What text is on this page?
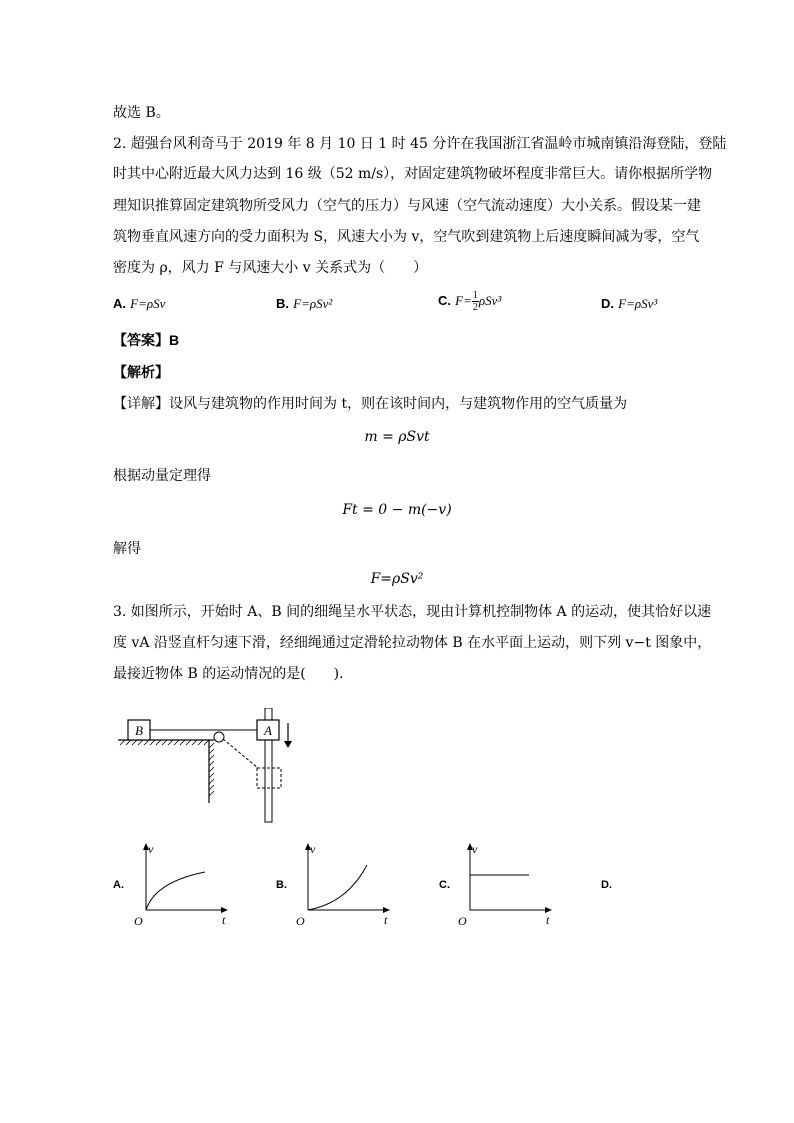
故选 B。
2. 超强台风利奇马于 2019 年 8 月 10 日 1 时 45 分许在我国浙江省温岭市城南镇沿海登陆，登陆
时其中心附近最大风力达到 16 级（52 m/s），对固定建筑物破坏程度非常巨大。请你根据所学物
理知识推算固定建筑物所受风力（空气的压力）与风速（空气流动速度）大小关系。假设某一建
筑物垂直风速方向的受力面积为 S，风速大小为 v，空气吹到建筑物上后速度瞬间减为零，空气
密度为 ρ，风力 F 与风速大小 v 关系式为（　　）
A. F=ρSv	B. F=ρSv²	C. $F= \frac{1}{2} \rho Sv^3$	D. F=ρSv³
【答案】B
【解析】
【详解】设风与建筑物的作用时间为 t，则在该时间内，与建筑物作用的空气质量为
m = ρSvt
根据动量定理得
Ft = 0 − m(−v)
解得
F=ρSv²
3. 如图所示，开始时 A、B 间的细绳呈水平状态，现由计算机控制物体 A 的运动，使其恰好以速
度 vA 沿竖直杆匀速下滑，经细绳通过定滑轮拉动物体 B 在水平面上运动，则下列 v−t 图象中，
最接近物体 B 的运动情况的是(　　).
B	A
A.
v
O	t
B.
v
O	t
C.
v
O	t
D.
